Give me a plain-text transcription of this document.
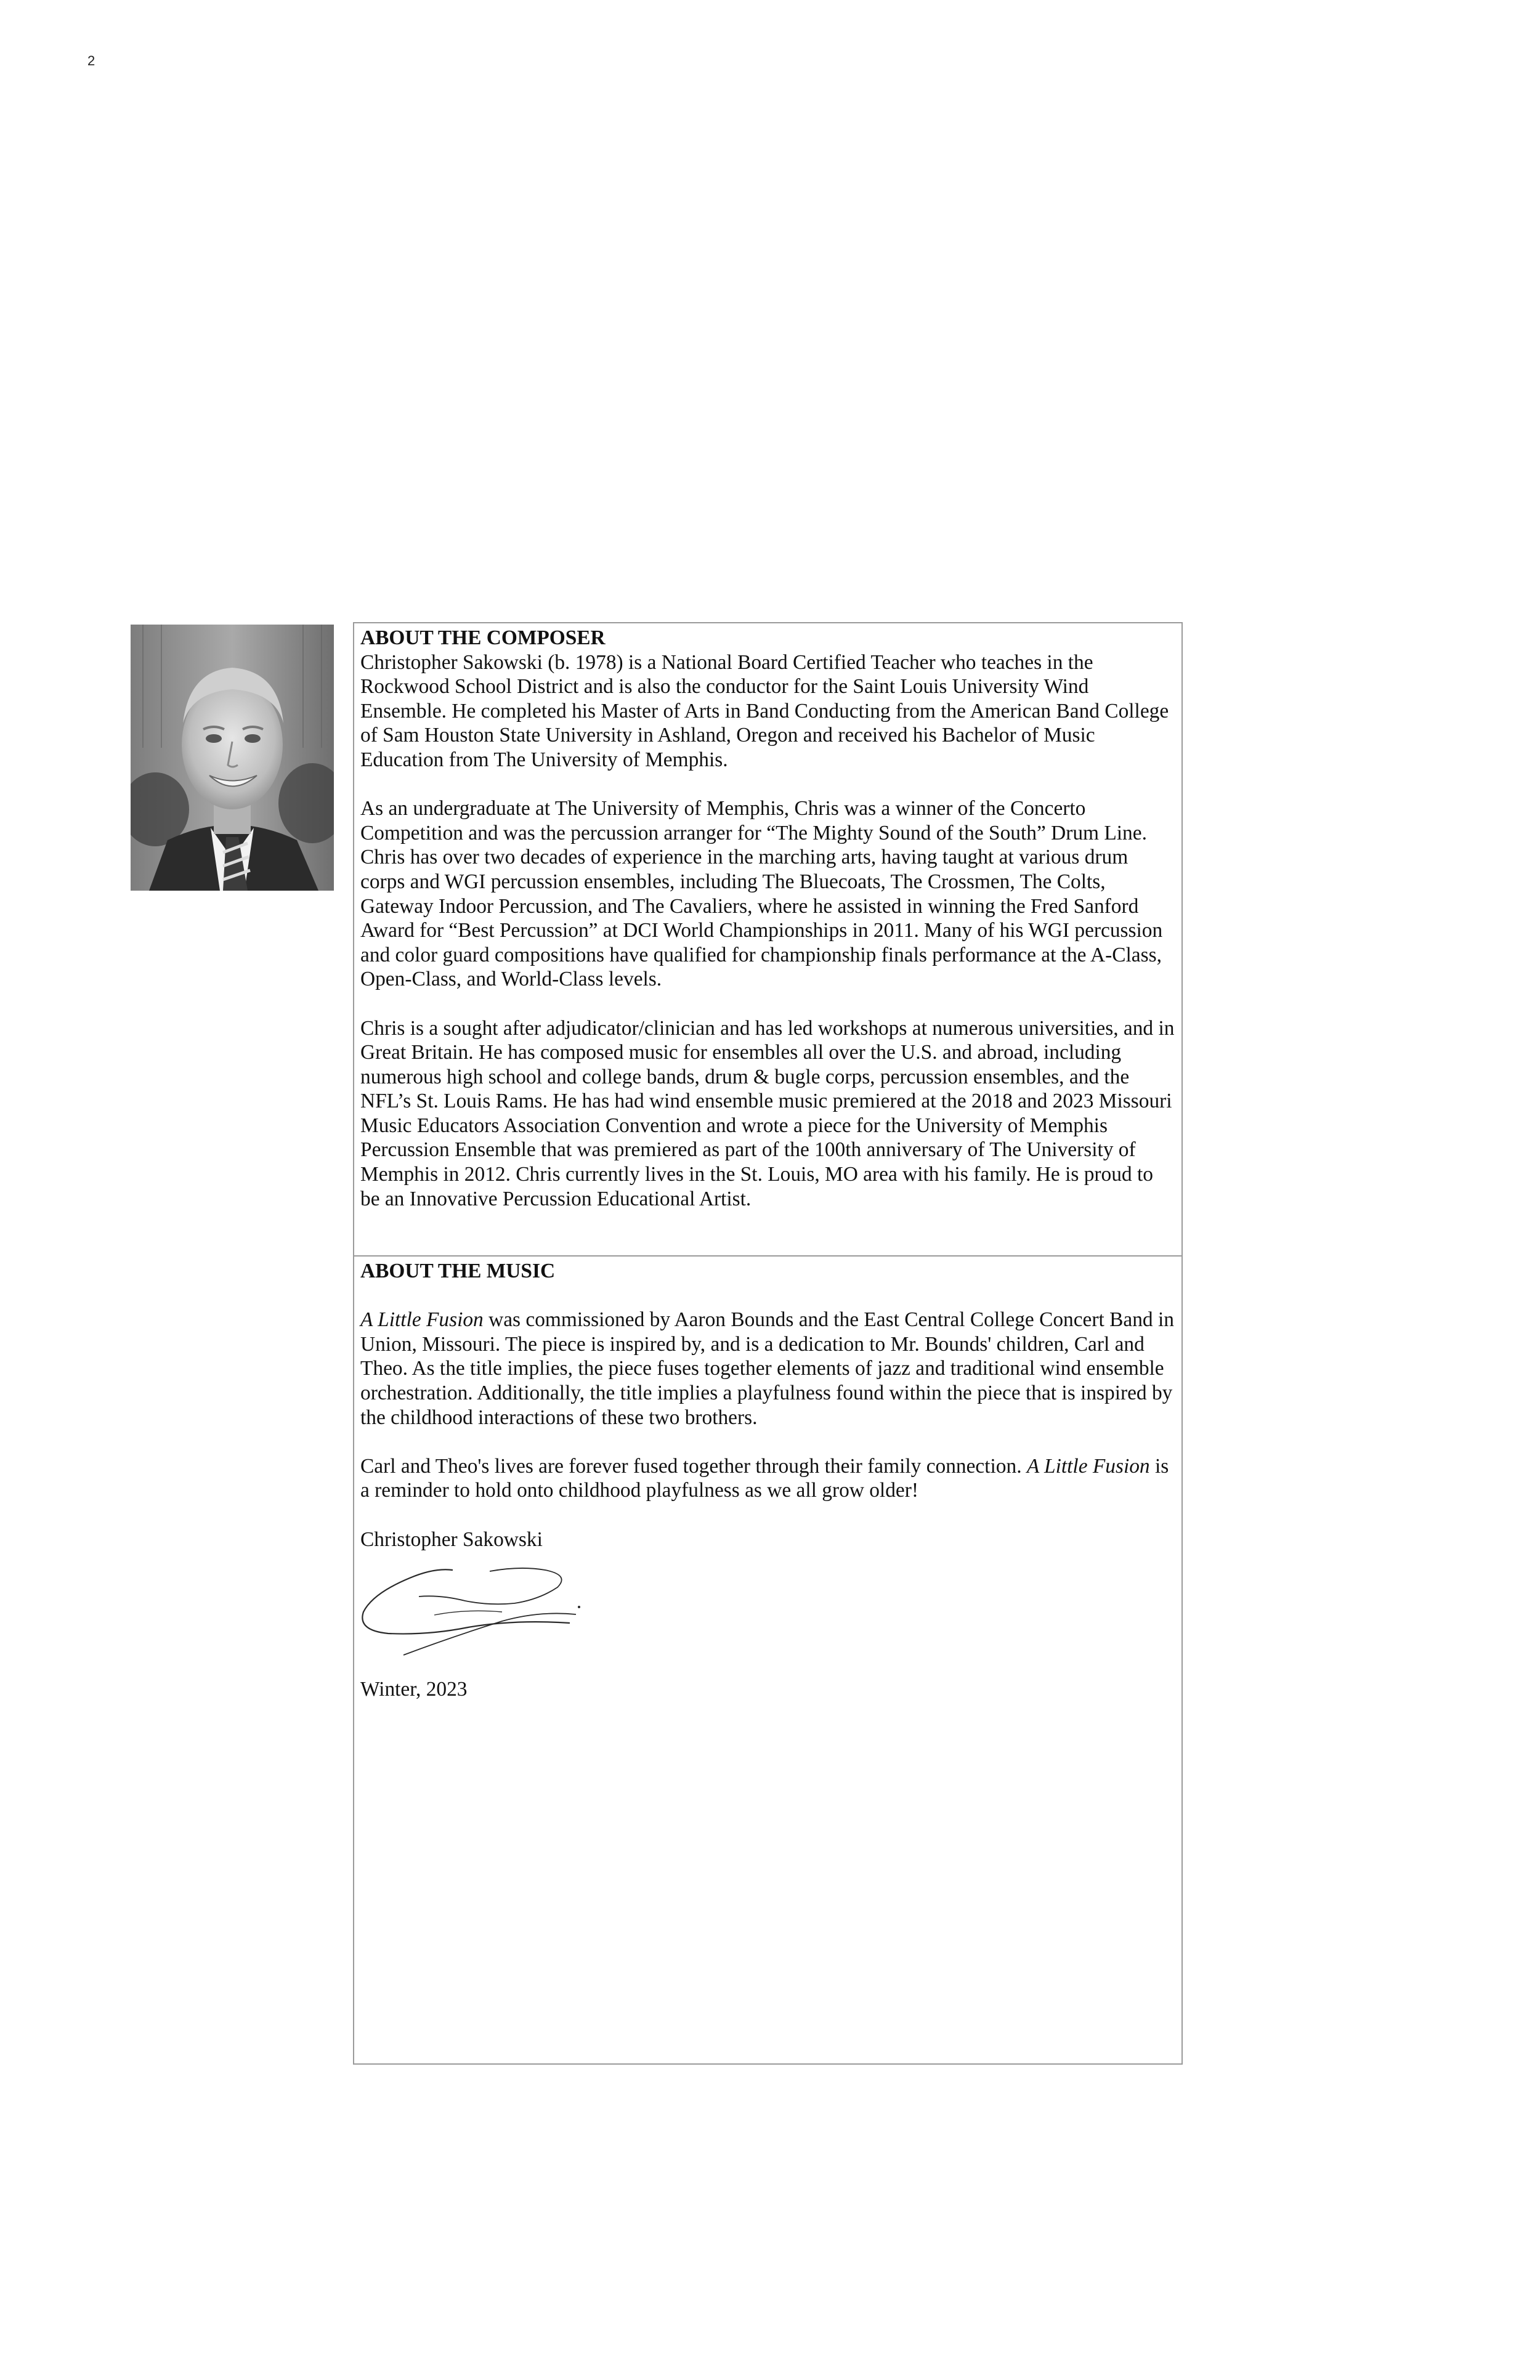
2

ABOUT THE COMPOSER

Christopher Sakowski (b. 1978) is a National Board Certified Teacher who teaches in the Rockwood School District and is also the conductor for the Saint Louis University Wind Ensemble. He completed his Master of Arts in Band Conducting from the American Band College of Sam Houston State University in Ashland, Oregon and received his Bachelor of Music Education from The University of Memphis.

As an undergraduate at The University of Memphis, Chris was a winner of the Concerto Competition and was the percussion arranger for “The Mighty Sound of the South” Drum Line. Chris has over two decades of experience in the marching arts, having taught at various drum corps and WGI percussion ensembles, including The Bluecoats, The Crossmen, The Colts, Gateway Indoor Percussion, and The Cavaliers, where he assisted in winning the Fred Sanford Award for “Best Percussion” at DCI World Championships in 2011. Many of his WGI percussion and color guard compositions have qualified for championship finals performance at the A-Class, Open-Class, and World-Class levels.

Chris is a sought after adjudicator/clinician and has led workshops at numerous universities, and in Great Britain. He has composed music for ensembles all over the U.S. and abroad, including numerous high school and college bands, drum & bugle corps, percussion ensembles, and the NFL’s St. Louis Rams. He has had wind ensemble music premiered at the 2018 and 2023 Missouri Music Educators Association Convention and wrote a piece for the University of Memphis Percussion Ensemble that was premiered as part of the 100th anniversary of The University of Memphis in 2012. Chris currently lives in the St. Louis, MO area with his family. He is proud to be an Innovative Percussion Educational Artist.

ABOUT THE MUSIC

A Little Fusion was commissioned by Aaron Bounds and the East Central College Concert Band in Union, Missouri. The piece is inspired by, and is a dedication to Mr. Bounds' children, Carl and Theo. As the title implies, the piece fuses together elements of jazz and traditional wind ensemble orchestration. Additionally, the title implies a playfulness found within the piece that is inspired by the childhood interactions of these two brothers.

Carl and Theo's lives are forever fused together through their family connection. A Little Fusion is a reminder to hold onto childhood playfulness as we all grow older!

Christopher Sakowski

Winter, 2023
